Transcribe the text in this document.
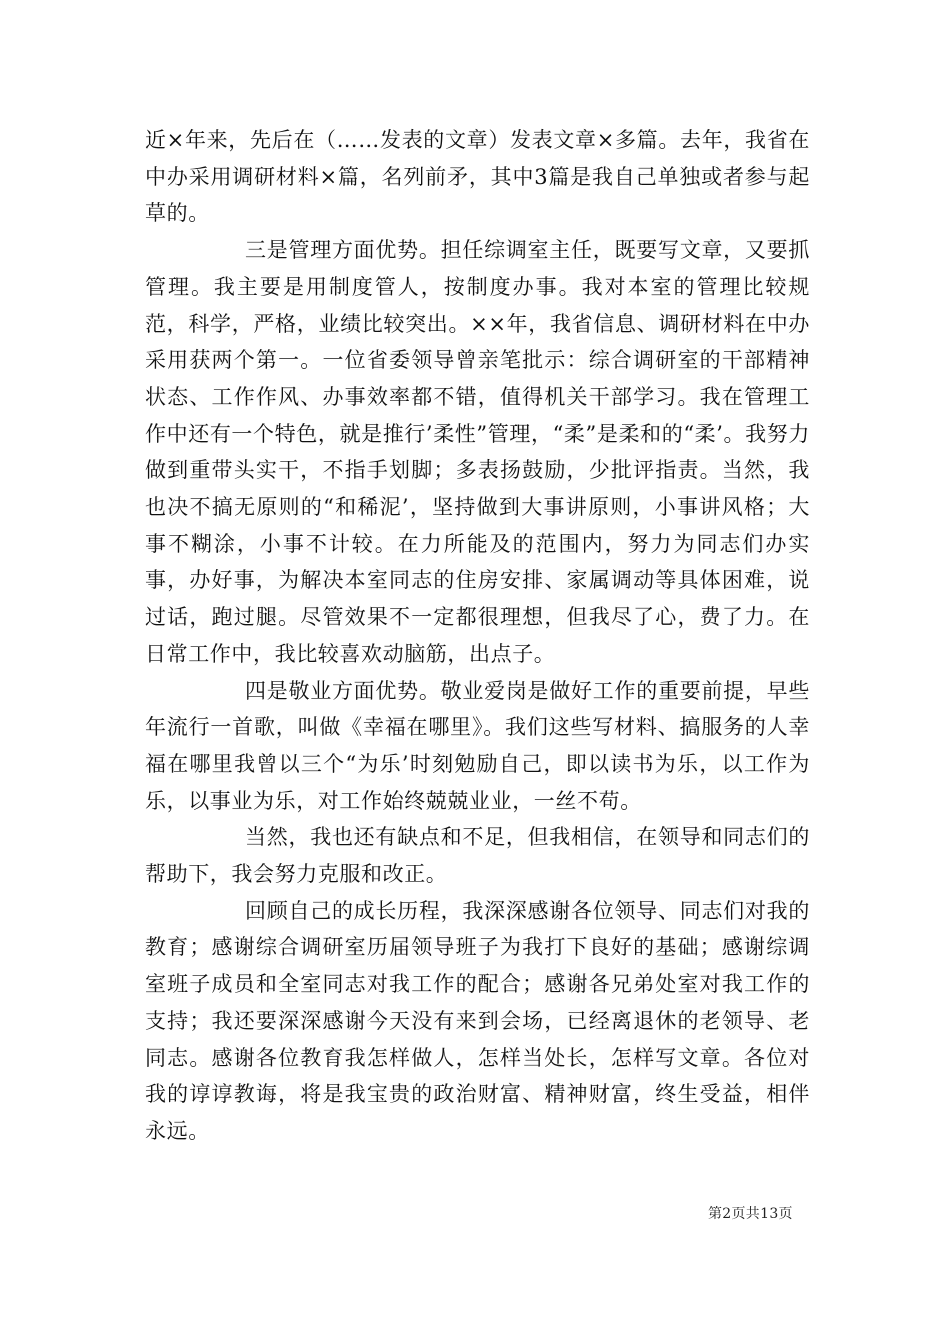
近×年来，先后在（……发表的文章）发表文章×多篇。去年，我省在中办采用调研材料×篇，名列前矛，其中3篇是我自己单独或者参与起草的。

三是管理方面优势。担任综调室主任，既要写文章，又要抓管理。我主要是用制度管人，按制度办事。我对本室的管理比较规范，科学，严格，业绩比较突出。××年，我省信息、调研材料在中办采用获两个第一。一位省委领导曾亲笔批示：综合调研室的干部精神状态、工作作风、办事效率都不错，值得机关干部学习。我在管理工作中还有一个特色，就是推行’柔性”管理，“柔”是柔和的“柔’。我努力做到重带头实干，不指手划脚；多表扬鼓励，少批评指责。当然，我也决不搞无原则的“和稀泥’，坚持做到大事讲原则，小事讲风格；大事不糊涂，小事不计较。在力所能及的范围内，努力为同志们办实事，办好事，为解决本室同志的住房安排、家属调动等具体困难，说过话，跑过腿。尽管效果不一定都很理想，但我尽了心，费了力。在日常工作中，我比较喜欢动脑筋，出点子。

四是敬业方面优势。敬业爱岗是做好工作的重要前提，早些年流行一首歌，叫做《幸福在哪里》。我们这些写材料、搞服务的人幸福在哪里我曾以三个“为乐’时刻勉励自己，即以读书为乐，以工作为乐，以事业为乐，对工作始终兢兢业业，一丝不苟。

当然，我也还有缺点和不足，但我相信，在领导和同志们的帮助下，我会努力克服和改正。

回顾自己的成长历程，我深深感谢各位领导、同志们对我的教育；感谢综合调研室历届领导班子为我打下良好的基础；感谢综调室班子成员和全室同志对我工作的配合；感谢各兄弟处室对我工作的支持；我还要深深感谢今天没有来到会场，已经离退休的老领导、老同志。感谢各位教育我怎样做人，怎样当处长，怎样写文章。各位对我的谆谆教诲，将是我宝贵的政治财富、精神财富，终生受益，相伴永远。

第2页共13页
